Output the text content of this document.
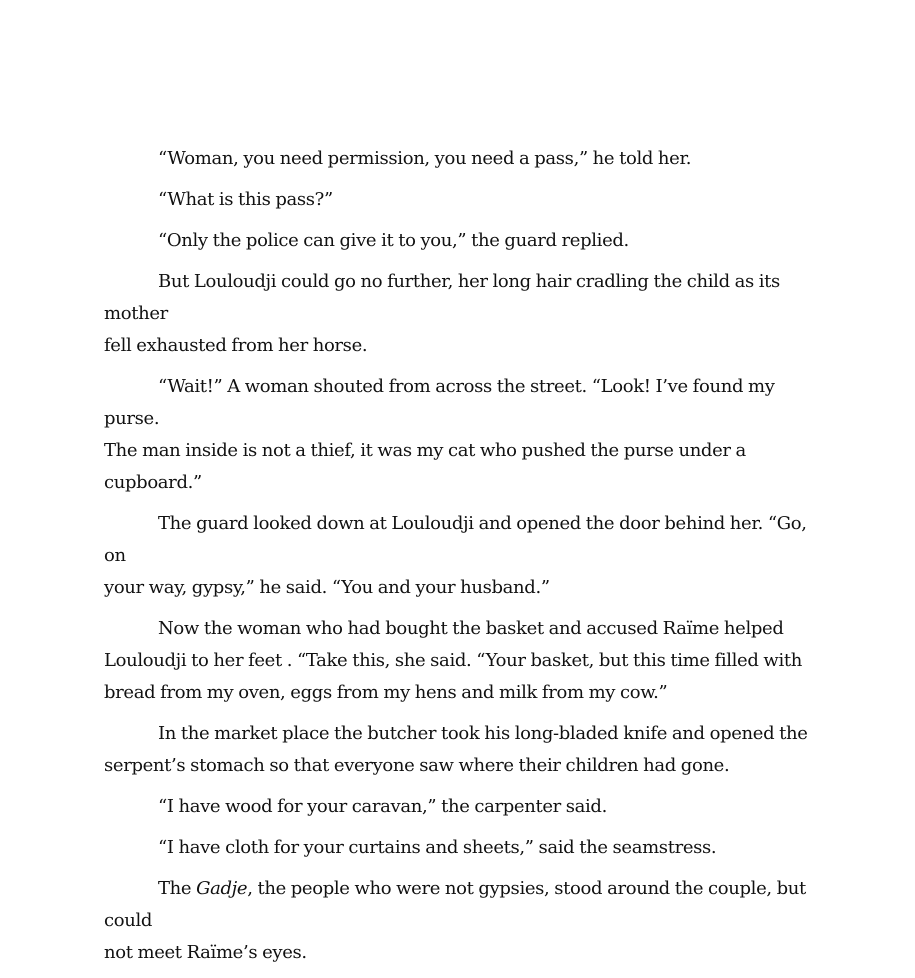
“Woman, you need permission, you need a pass,” he told her.

“What is this pass?”

“Only the police can give it to you,” the guard replied.

But Louloudji could go no further, her long hair cradling the child as its mother
fell exhausted from her horse.

“Wait!” A woman shouted from across the street. “Look! I’ve found my purse.
The man inside is not a thief, it was my cat who pushed the purse under a cupboard.”

The guard looked down at Louloudji and opened the door behind her. “Go, on
your way, gypsy,” he said. “You and your husband.”

Now the woman who had bought the basket and accused Raïme helped
Louloudji to her feet . “Take this, she said. “Your basket, but this time filled with
bread from my oven, eggs from my hens and milk from my cow.”

In the market place the butcher took his long-bladed knife and opened the
serpent’s stomach so that everyone saw where their children had gone.

“I have wood for your caravan,” the carpenter said.

“I have cloth for your curtains and sheets,” said the seamstress.

The Gadje, the people who were not gypsies, stood around the couple, but could
not meet Raïme’s eyes.
